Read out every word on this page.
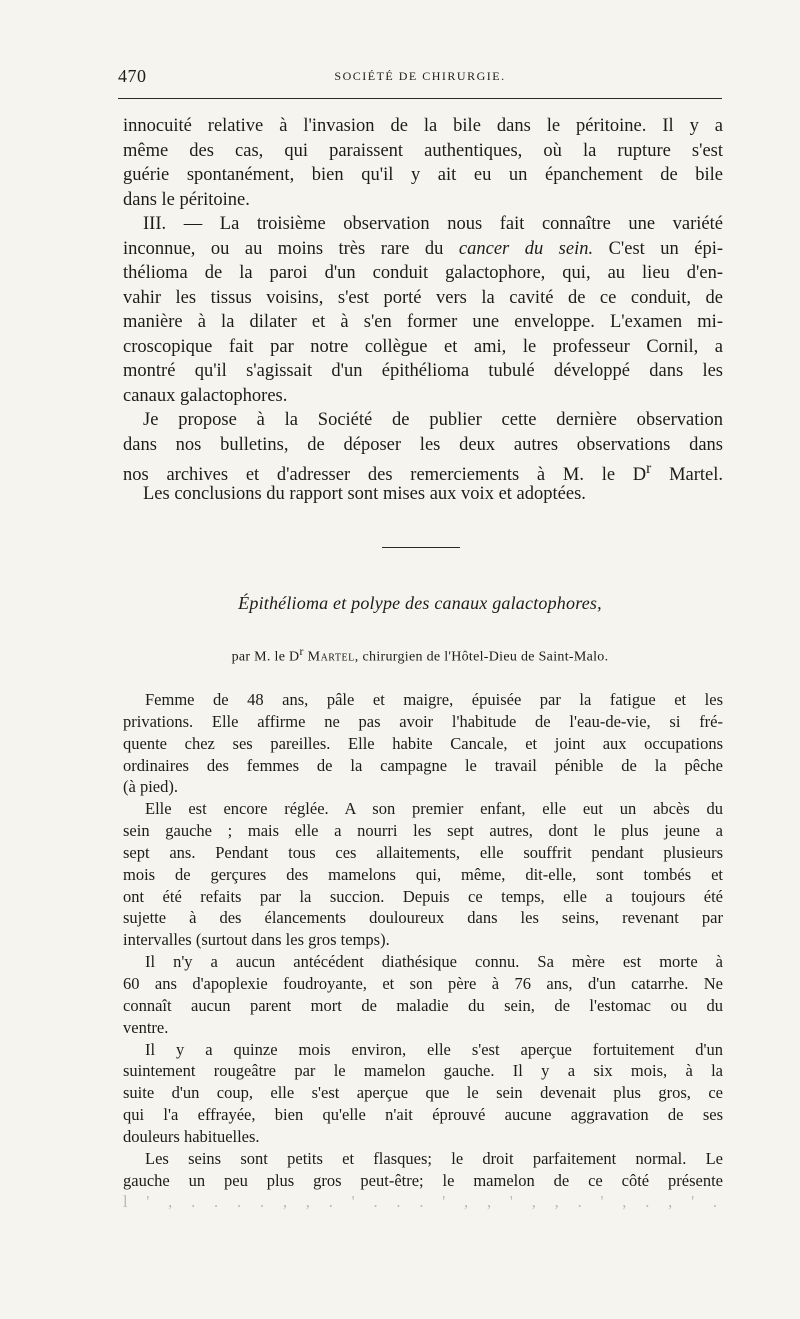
470	SOCIÉTÉ DE CHIRURGIE.
innocuité relative à l'invasion de la bile dans le péritoine. Il y a
même des cas, qui paraissent authentiques, où la rupture s'est
guérie spontanément, bien qu'il y ait eu un épanchement de bile
dans le péritoine.
III. — La troisième observation nous fait connaître une variété
inconnue, ou au moins très rare du cancer du sein. C'est un épi-
thélioma de la paroi d'un conduit galactophore, qui, au lieu d'en-
vahir les tissus voisins, s'est porté vers la cavité de ce conduit, de
manière à la dilater et à s'en former une enveloppe. L'examen mi-
croscopique fait par notre collègue et ami, le professeur Cornil, a
montré qu'il s'agissait d'un épithélioma tubulé développé dans les
canaux galactophores.
Je propose à la Société de publier cette dernière observation
dans nos bulletins, de déposer les deux autres observations dans
nos archives et d'adresser des remerciements à M. le $D^r$ Martel.
Les conclusions du rapport sont mises aux voix et adoptées.
Épithélioma et polype des canaux galactophores,
par M. le $D^r$ Martel, chirurgien de l'Hôtel-Dieu de Saint-Malo.
Femme de 48 ans, pâle et maigre, épuisée par la fatigue et les
privations. Elle affirme ne pas avoir l'habitude de l'eau-de-vie, si fré-
quente chez ses pareilles. Elle habite Cancale, et joint aux occupations
ordinaires des femmes de la campagne le travail pénible de la pêche
(à pied).
Elle est encore réglée. A son premier enfant, elle eut un abcès du
sein gauche ; mais elle a nourri les sept autres, dont le plus jeune a
sept ans. Pendant tous ces allaitements, elle souffrit pendant plusieurs
mois de gerçures des mamelons qui, même, dit-elle, sont tombés et
ont été refaits par la succion. Depuis ce temps, elle a toujours été
sujette à des élancements douloureux dans les seins, revenant par
intervalles (surtout dans les gros temps).
Il n'y a aucun antécédent diathésique connu. Sa mère est morte à
60 ans d'apoplexie foudroyante, et son père à 76 ans, d'un catarrhe. Ne
connaît aucun parent mort de maladie du sein, de l'estomac ou du
ventre.
Il y a quinze mois environ, elle s'est aperçue fortuitement d'un
suintement rougeâtre par le mamelon gauche. Il y a six mois, à la
suite d'un coup, elle s'est aperçue que le sein devenait plus gros, ce
qui l'a effrayée, bien qu'elle n'ait éprouvé aucune aggravation de ses
douleurs habituelles.
Les seins sont petits et flasques; le droit parfaitement normal. Le
gauche un peu plus gros peut-être; le mamelon de ce côté présente
l ' , . . . . , , . ' . . . ' , , ' , , . ' , . , ' .
